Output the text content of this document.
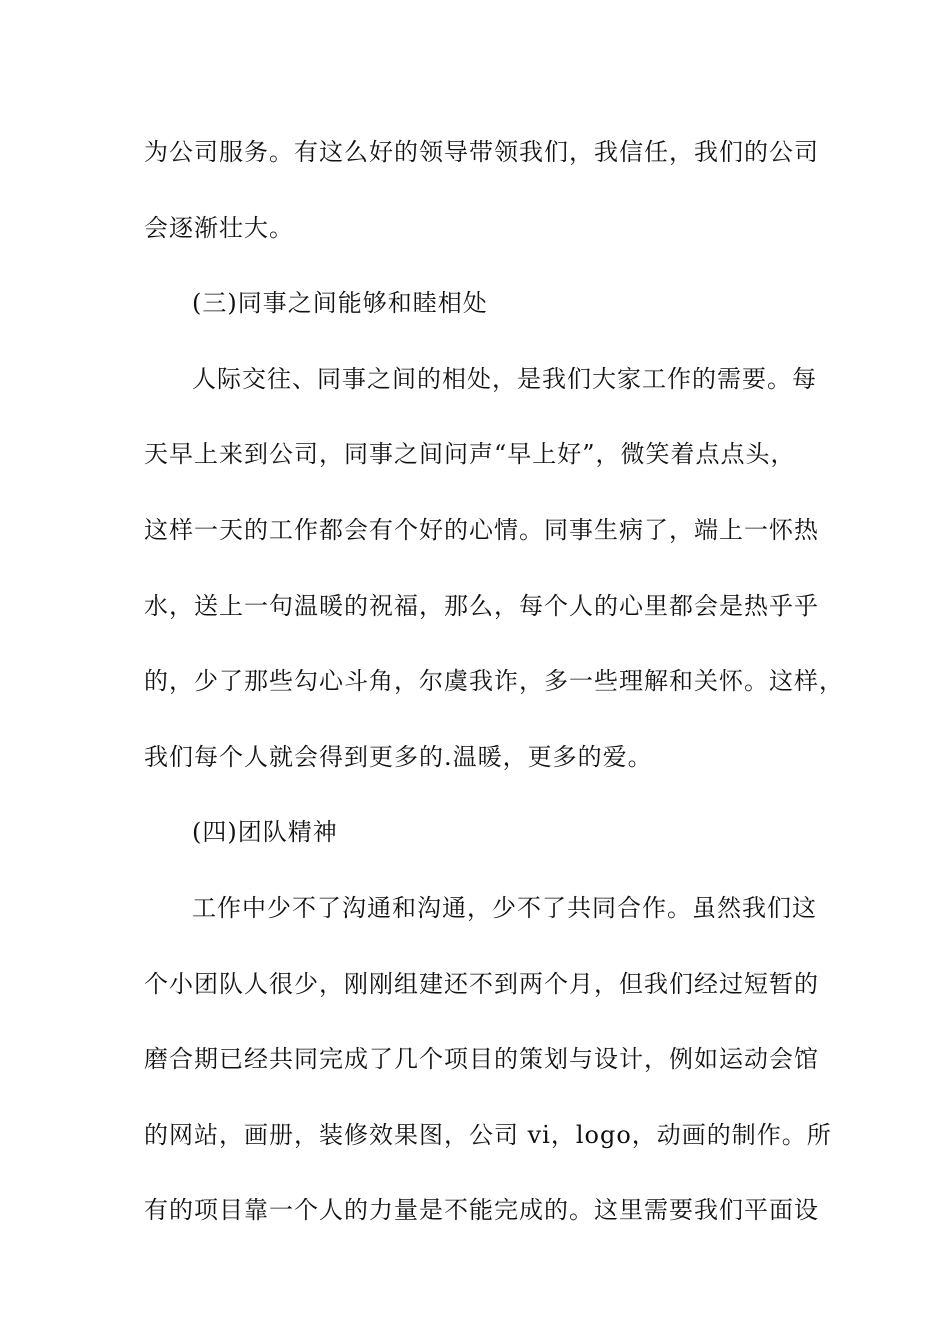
为公司服务。有这么好的领导带领我们，我信任，我们的公司
会逐渐壮大。
(三)同事之间能够和睦相处
人际交往、同事之间的相处，是我们大家工作的需要。每
天早上来到公司，同事之间问声“早上好”，微笑着点点头，
这样一天的工作都会有个好的心情。同事生病了，端上一怀热
水，送上一句温暖的祝福，那么，每个人的心里都会是热乎乎
的，少了那些勾心斗角，尔虞我诈，多一些理解和关怀。这样，
我们每个人就会得到更多的.温暖，更多的爱。
(四)团队精神
工作中少不了沟通和沟通，少不了共同合作。虽然我们这
个小团队人很少，刚刚组建还不到两个月，但我们经过短暂的
磨合期已经共同完成了几个项目的策划与设计，例如运动会馆
的网站，画册，装修效果图，公司 vi，logo，动画的制作。所
有的项目靠一个人的力量是不能完成的。这里需要我们平面设
